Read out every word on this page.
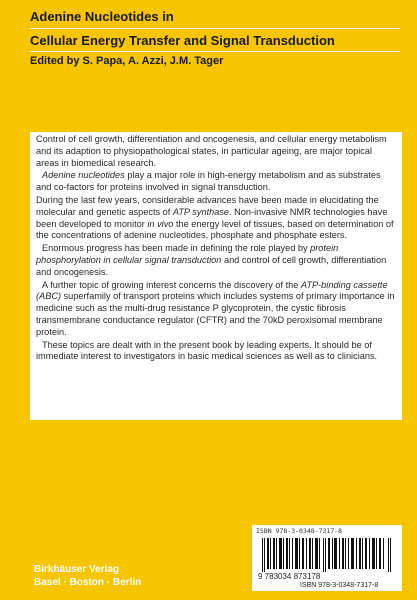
Adenine Nucleotides in
Cellular Energy Transfer and Signal Transduction
Edited by S. Papa, A. Azzi, J.M. Tager

Control of cell growth, differentiation and oncogenesis, and cellular energy metabolism and its adaption to physiopathological states, in particular ageing, are major topical areas in biomedical research.

Adenine nucleotides play a major role in high-energy metabolism and as substrates and co-factors for proteins involved in signal transduction.

During the last few years, considerable advances have been made in elucidating the molecular and genetic aspects of ATP synthase. Non-invasive NMR technologies have been developed to monitor in vivo the energy level of tissues, based on determination of the concentrations of adenine nucleotides, phosphate and phosphate esters.

Enormous progress has been made in defining the role played by protein phosphorylation in cellular signal transduction and control of cell growth, differentiation and oncogenesis.

A further topic of growing interest concerns the discovery of the ATP-binding cassette (ABC) superfamily of transport proteins which includes systems of primary importance in medicine such as the multi-drug resistance P glycoprotein, the cystic fibrosis transmembrane conductance regulator (CFTR) and the 70kD peroxisomal membrane protein.

These topics are dealt with in the present book by leading experts. It should be of immediate interest to investigators in basic medical sciences as well as to clinicians.

ISBN 978-3-0348-7317-8
9 783034 873178
ISBN 978-3-0348-7317-8
Birkhäuser Verlag
Basel · Boston · Berlin
